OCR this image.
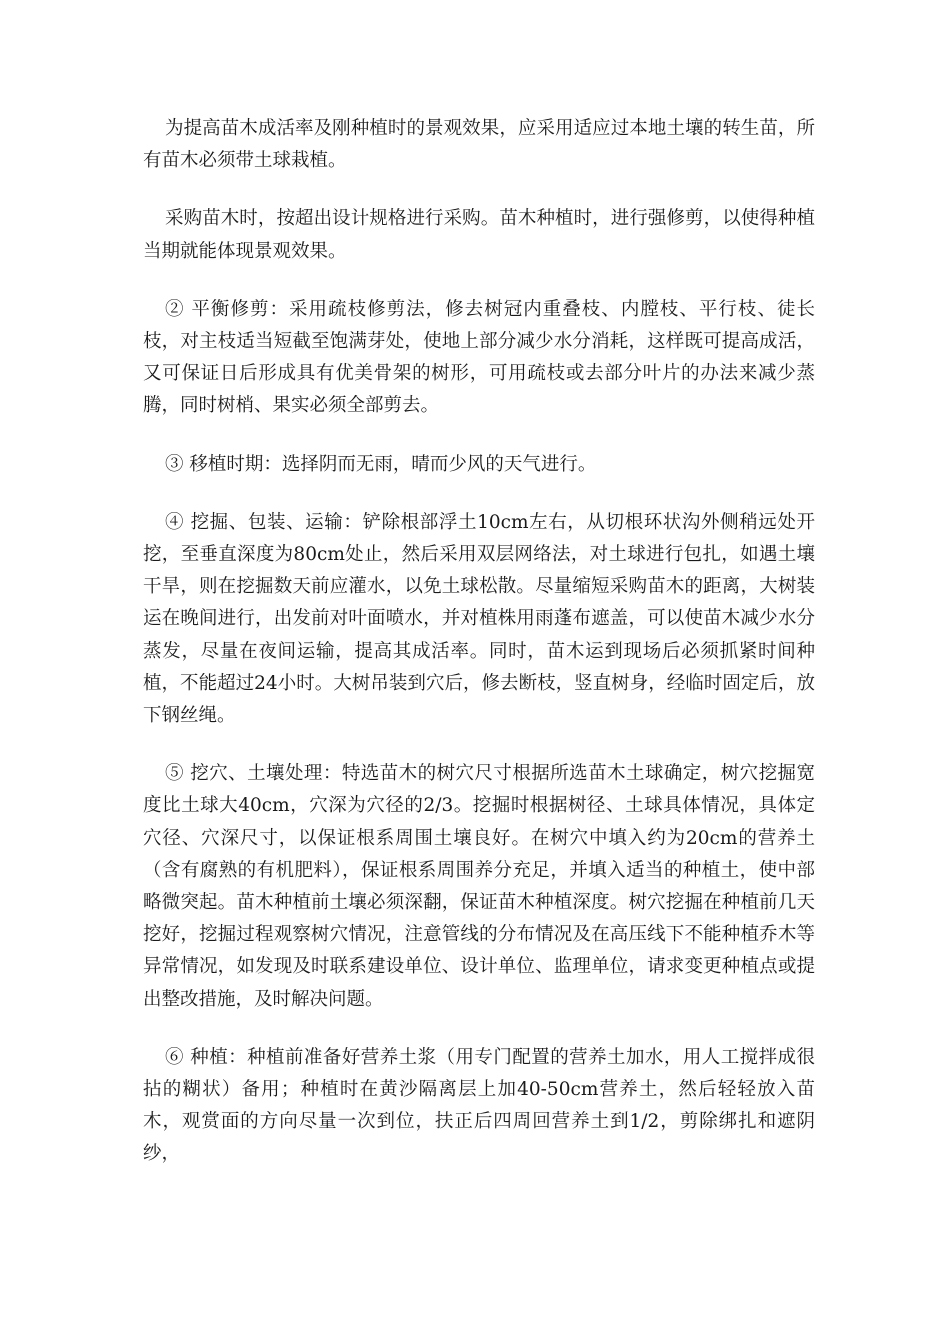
为提高苗木成活率及刚种植时的景观效果，应采用适应过本地土壤的转生苗，所有苗木必须带土球栽植。

采购苗木时，按超出设计规格进行采购。苗木种植时，进行强修剪，以使得种植当期就能体现景观效果。

② 平衡修剪：采用疏枝修剪法，修去树冠内重叠枝、内膛枝、平行枝、徒长枝，对主枝适当短截至饱满芽处，使地上部分减少水分消耗，这样既可提高成活，又可保证日后形成具有优美骨架的树形，可用疏枝或去部分叶片的办法来减少蒸腾，同时树梢、果实必须全部剪去。

③ 移植时期：选择阴而无雨，晴而少风的天气进行。

④ 挖掘、包装、运输：铲除根部浮土10cm左右，从切根环状沟外侧稍远处开挖，至垂直深度为80cm处止，然后采用双层网络法，对土球进行包扎，如遇土壤干旱，则在挖掘数天前应灌水，以免土球松散。尽量缩短采购苗木的距离，大树装运在晚间进行，出发前对叶面喷水，并对植株用雨蓬布遮盖，可以使苗木减少水分蒸发，尽量在夜间运输，提高其成活率。同时，苗木运到现场后必须抓紧时间种植，不能超过24小时。大树吊装到穴后，修去断枝，竖直树身，经临时固定后，放下钢丝绳。

⑤ 挖穴、土壤处理：特选苗木的树穴尺寸根据所选苗木土球确定，树穴挖掘宽度比土球大40cm，穴深为穴径的2/3。挖掘时根据树径、土球具体情况，具体定穴径、穴深尺寸，以保证根系周围土壤良好。在树穴中填入约为20cm的营养土（含有腐熟的有机肥料），保证根系周围养分充足，并填入适当的种植土，使中部略微突起。苗木种植前土壤必须深翻，保证苗木种植深度。树穴挖掘在种植前几天挖好，挖掘过程观察树穴情况，注意管线的分布情况及在高压线下不能种植乔木等异常情况，如发现及时联系建设单位、设计单位、监理单位，请求变更种植点或提出整改措施，及时解决问题。

⑥ 种植：种植前准备好营养土浆（用专门配置的营养土加水，用人工搅拌成很拈的糊状）备用；种植时在黄沙隔离层上加40-50cm营养土，然后轻轻放入苗木，观赏面的方向尽量一次到位，扶正后四周回营养土到1/2，剪除绑扎和遮阴纱，
